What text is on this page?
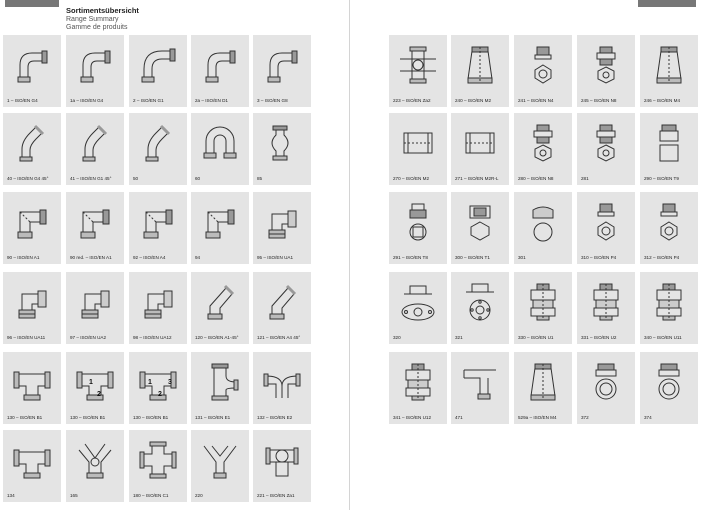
Sortimentsübersicht
Range Summary
Gamme de produits
1 – ISO/EN G4	1a – ISO/EN G4	2 – ISO/EN G1	2a – ISO/EN D1	3 – ISO/EN G8
40 – ISO/EN G4 45°	41 – ISO/EN G1 45°	50	60	85
90 – ISO/EN A1	90 red. – ISO/EN A1	92 – ISO/EN A4	94	95 – ISO/EN UA1
96 – ISO/EN UA11	97 – ISO/EN UA2	98 – ISO/EN UA12	120 – ISO/EN A1-45°	121 – ISO/EN A4 45°
130 – ISO/EN B1
1
2
130 – ISO/EN B1
1 3
2
130 – ISO/EN B1	131 – ISO/EN E1	132 – ISO/EN E2
134	165	180 – ISO/EN C1	220	221 – ISO/EN Za1
223 – ISO/EN Za2	240 – ISO/EN M2	241 – ISO/EN N4	245 – ISO/EN N8	246 – ISO/EN M4
270 – ISO/EN M2	271 – ISO/EN M2R-L	280 – ISO/EN N8	281	290 – ISO/EN T9
291 – ISO/EN T8	300 – ISO/EN T1	301	310 – ISO/EN P4	312 – ISO/EN P4
320	321	330 – ISO/EN U1	331 – ISO/EN U2	340 – ISO/EN U11
341 – ISO/EN U12	471	529a – ISO/EN M4	372	374
